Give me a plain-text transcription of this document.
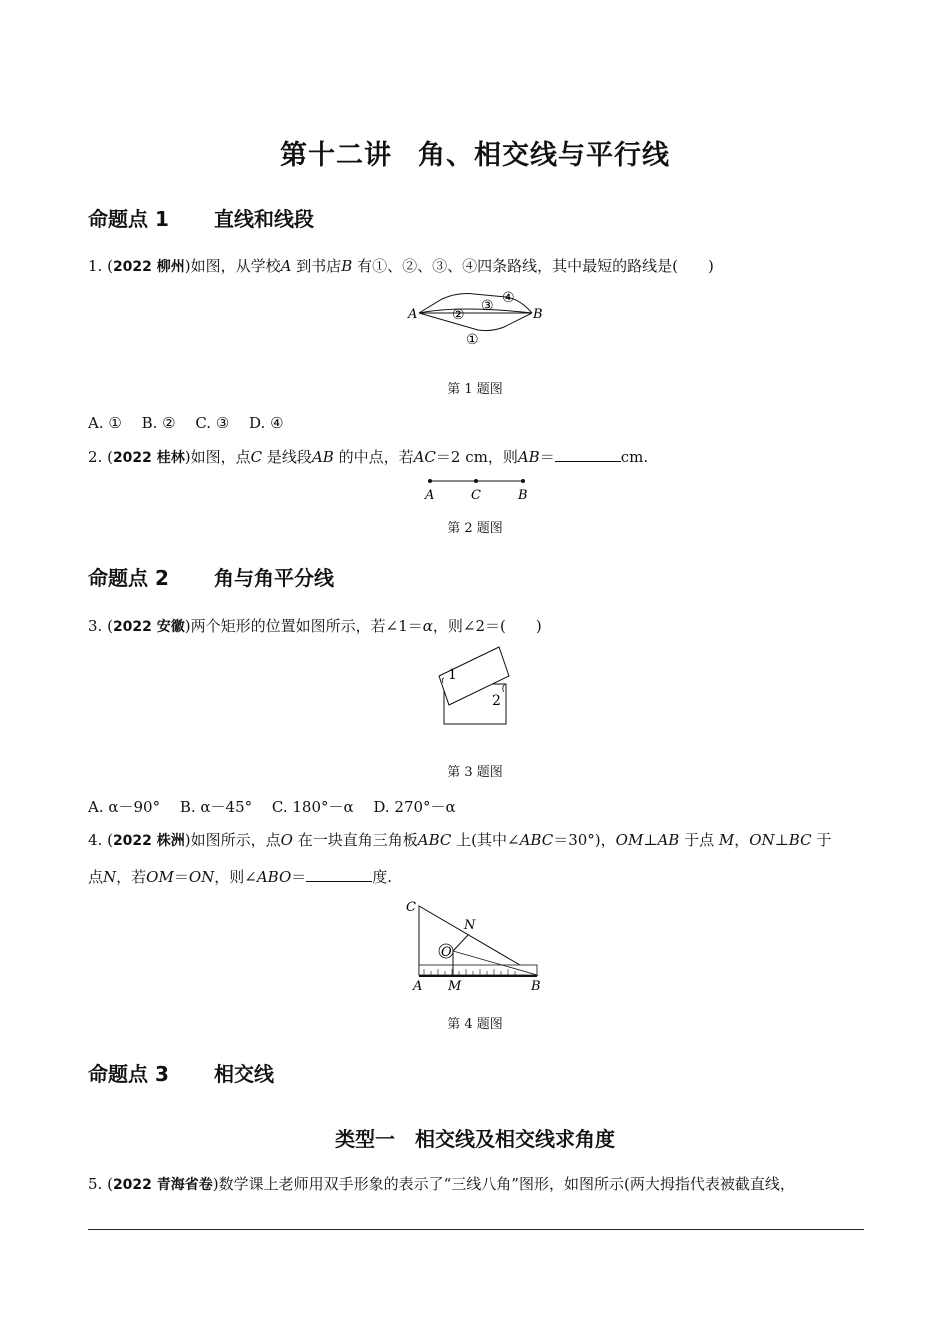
第十二讲 角、相交线与平行线
命题点 1 直线和线段
1. (2022 柳州)如图，从学校A 到书店B 有①、②、③、④四条路线，其中最短的路线是( )
A	B
②
③ ④
①
第 1 题图
A. ①　 B. ②　 C. ③　 D. ④
2. (2022 桂林)如图，点C 是线段AB 的中点，若AC＝2 cm，则AB＝	cm.
A	C	B
第 2 题图
命题点 2 角与角平分线
3. (2022 安徽)两个矩形的位置如图所示，若∠1＝α，则∠2＝( )
1
2
第 3 题图
A. α－90°　 B. α－45°　 C. 180°－α　 D. 270°－α
4. (2022 株洲)如图所示，点O 在一块直角三角板ABC 上(其中∠ABC＝30°)，OM⊥AB 于点 M，ON⊥BC 于
点N，若OM＝ON，则∠ABO＝	度.
C
N
O
A M	B
第 4 题图
命题点 3 相交线
类型一　相交线及相交线求角度
5. (2022 青海省卷)数学课上老师用双手形象的表示了“三线八角”图形，如图所示(两大拇指代表被截直线，
